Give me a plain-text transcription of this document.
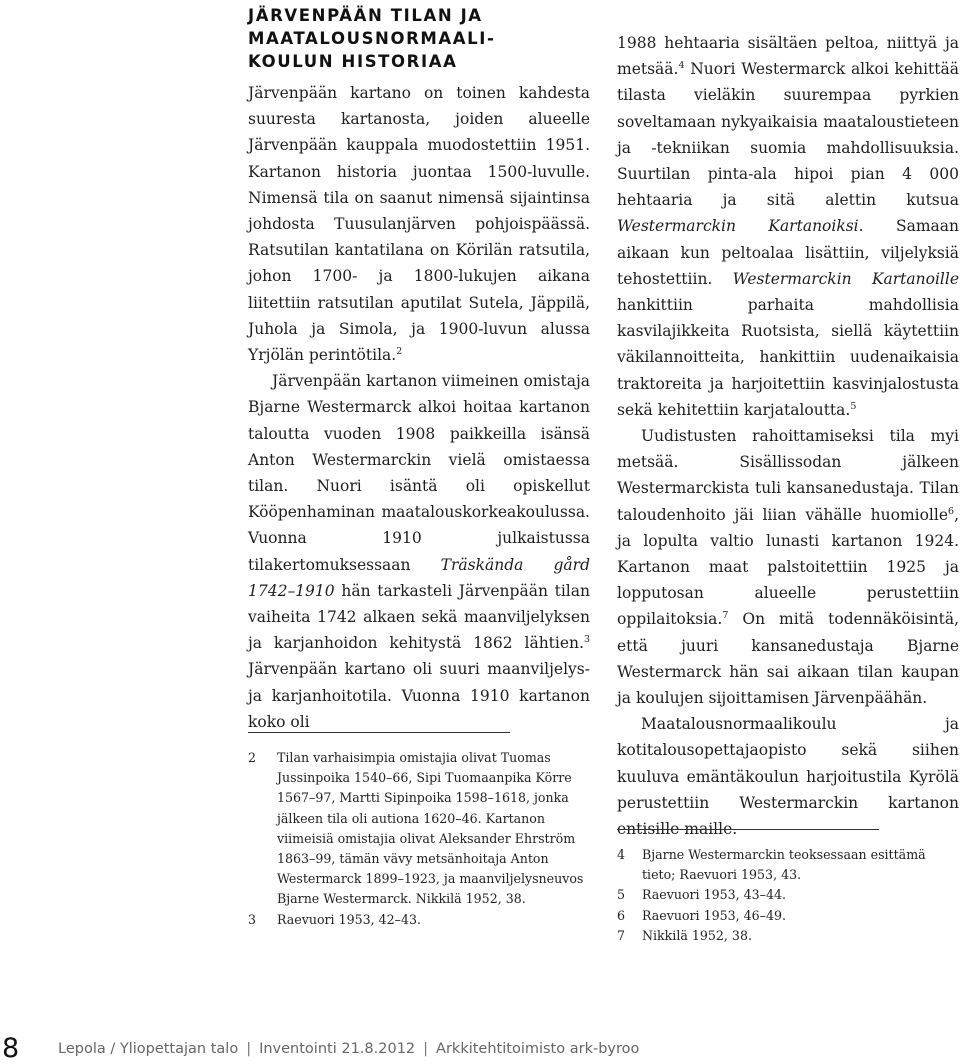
JÄRVENPÄÄN TILAN JA
MAATALOUSNORMAALI-
KOULUN HISTORIAA

Järvenpään kartano on toinen kahdesta suuresta kartanosta, joiden alueelle Järvenpään kauppala muodostettiin 1951. Kartanon historia juontaa 1500-luvulle. Nimensä tila on saanut nimensä sijaintinsa johdosta Tuusulanjärven pohjoispäässä. Ratsutilan kantatilana on Körilän ratsutila, johon 1700- ja 1800-lukujen aikana liitettiin ratsutilan aputilat Sutela, Jäppilä, Juhola ja Simola, ja 1900-luvun alussa Yrjölän perintötila.$^2$

Järvenpään kartanon viimeinen omistaja Bjarne Westermarck alkoi hoitaa kartanon taloutta vuoden 1908 paikkeilla isänsä Anton Westermarckin vielä omistaessa tilan. Nuori isäntä oli opiskellut Kööpenhaminan maatalouskorkeakoulussa. Vuonna 1910 julkaistussa tilakertomuksessaan Träskända gård 1742–1910 hän tarkasteli Järvenpään tilan vaiheita 1742 alkaen sekä maanviljelyksen ja karjanhoidon kehitystä 1862 lähtien.$^3$ Järvenpään kartano oli suuri maanviljelys- ja karjanhoitotila. Vuonna 1910 kartanon koko oli

1988 hehtaaria sisältäen peltoa, niittyä ja metsää.$^4$ Nuori Westermarck alkoi kehittää tilasta vieläkin suurempaa pyrkien soveltamaan nykyaikaisia maataloustieteen ja -tekniikan suomia mahdollisuuksia. Suurtilan pinta-ala hipoi pian 4 000 hehtaaria ja sitä alettin kutsua Westermarckin Kartanoiksi. Samaan aikaan kun peltoalaa lisättiin, viljelyksiä tehostettiin. Westermarckin Kartanoille hankittiin parhaita mahdollisia kasvilajikkeita Ruotsista, siellä käytettiin väkilannoitteita, hankittiin uudenaikaisia traktoreita ja harjoitettiin kasvinjalostusta sekä kehitettiin karjataloutta.$^5$

Uudistusten rahoittamiseksi tila myi metsää. Sisällissodan jälkeen Westermarckista tuli kansanedustaja. Tilan taloudenhoito jäi liian vähälle huomiolle$^6$, ja lopulta valtio lunasti kartanon 1924. Kartanon maat palstoitettiin 1925 ja lopputosan alueelle perustettiin oppilaitoksia.$^7$ On mitä todennäköisintä, että juuri kansanedustaja Bjarne Westermarck hän sai aikaan tilan kaupan ja koulujen sijoittamisen Järvenpäähän.

Maatalousnormaalikoulu ja kotitalousopettajaopisto sekä siihen kuuluva emäntäkoulun harjoitustila Kyrölä perustettiin Westermarckin kartanon entisille maille.

2	Tilan varhaisimpia omistajia olivat Tuomas Jussinpoika 1540–66, Sipi Tuomaanpika Körre 1567–97, Martti Sipinpoika 1598–1618, jonka jälkeen tila oli autiona 1620–46. Kartanon viimeisiä omistajia olivat Aleksander Ehrström 1863–99, tämän vävy metsänhoitaja Anton Westermarck 1899–1923, ja maanviljelysneuvos Bjarne Westermarck. Nikkilä 1952, 38.
3	Raevuori 1953, 42–43.
4	Bjarne Westermarckin teoksessaan esittämä tieto; Raevuori 1953, 43.
5	Raevuori 1953, 43–44.
6	Raevuori 1953, 46–49.
7	Nikkilä 1952, 38.
8	Lepola / Yliopettajan talo | Inventointi 21.8.2012 | Arkkitehtitoimisto ark-byroo
